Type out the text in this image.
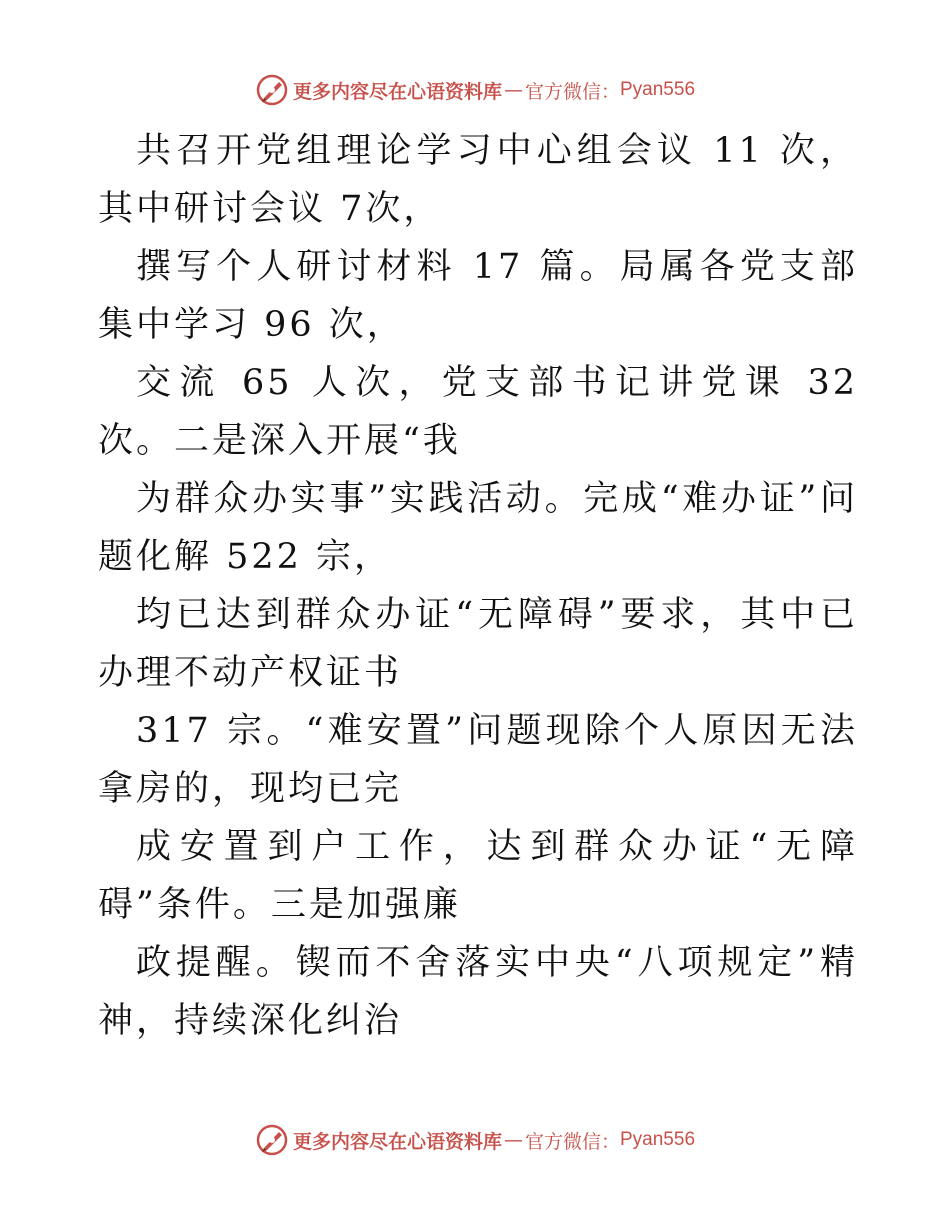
更多内容尽在心语资料库 — 官方微信： Pyan556

共召开党组理论学习中心组会议 11 次，其中研讨会议 7次，

撰写个人研讨材料 17 篇。局属各党支部集中学习 96 次，

交流 65 人次，党支部书记讲党课 32 次。二是深入开展“我

为群众办实事”实践活动。完成“难办证”问题化解 522 宗，

均已达到群众办证“无障碍”要求，其中已办理不动产权证书

317 宗。“难安置”问题现除个人原因无法拿房的，现均已完

成安置到户工作，达到群众办证“无障碍”条件。三是加强廉

政提醒。锲而不舍落实中央“八项规定”精神，持续深化纠治

更多内容尽在心语资料库 — 官方微信： Pyan556
